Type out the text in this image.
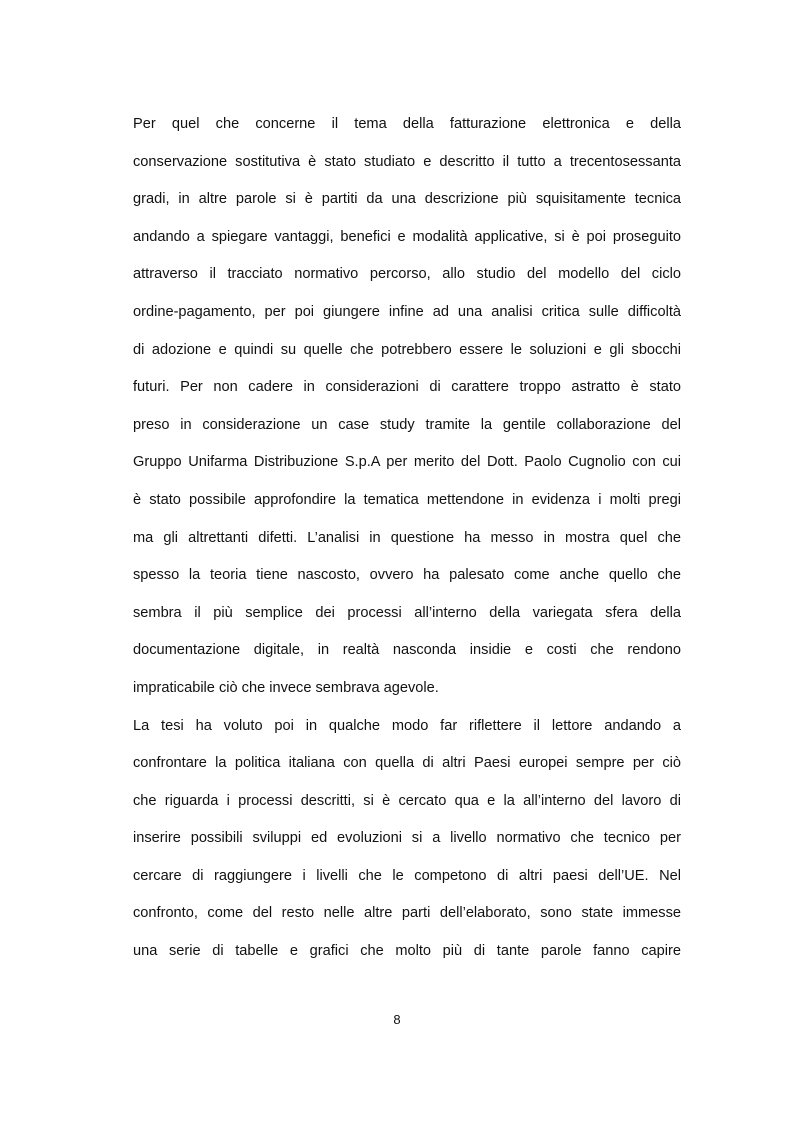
Per quel che concerne il tema della fatturazione elettronica e della
conservazione sostitutiva è stato studiato e descritto il tutto a trecentosessanta
gradi, in altre parole si è partiti da una descrizione più squisitamente tecnica
andando a spiegare vantaggi, benefici e modalità applicative, si è poi proseguito
attraverso il tracciato normativo percorso, allo studio del modello del ciclo
ordine-pagamento, per poi giungere infine ad una analisi critica sulle difficoltà
di adozione e quindi su quelle che potrebbero essere le soluzioni e gli sbocchi
futuri. Per non cadere in considerazioni di carattere troppo astratto è stato
preso in considerazione un case study tramite la gentile collaborazione del
Gruppo Unifarma Distribuzione S.p.A per merito del Dott. Paolo Cugnolio con cui
è stato possibile approfondire la tematica mettendone in evidenza i molti pregi
ma gli altrettanti difetti. L’analisi in questione ha messo in mostra quel che
spesso la teoria tiene nascosto, ovvero ha palesato come anche quello che
sembra il più semplice dei processi all’interno della variegata sfera della
documentazione digitale, in realtà nasconda insidie e costi che rendono
impraticabile ciò che invece sembrava agevole.
La tesi ha voluto poi in qualche modo far riflettere il lettore andando a
confrontare la politica italiana con quella di altri Paesi europei sempre per ciò
che riguarda i processi descritti, si è cercato qua e la all’interno del lavoro di
inserire possibili sviluppi ed evoluzioni si a livello normativo che tecnico per
cercare di raggiungere i livelli che le competono di altri paesi dell’UE. Nel
confronto, come del resto nelle altre parti dell’elaborato, sono state immesse
una serie di tabelle e grafici che molto più di tante parole fanno capire
8
